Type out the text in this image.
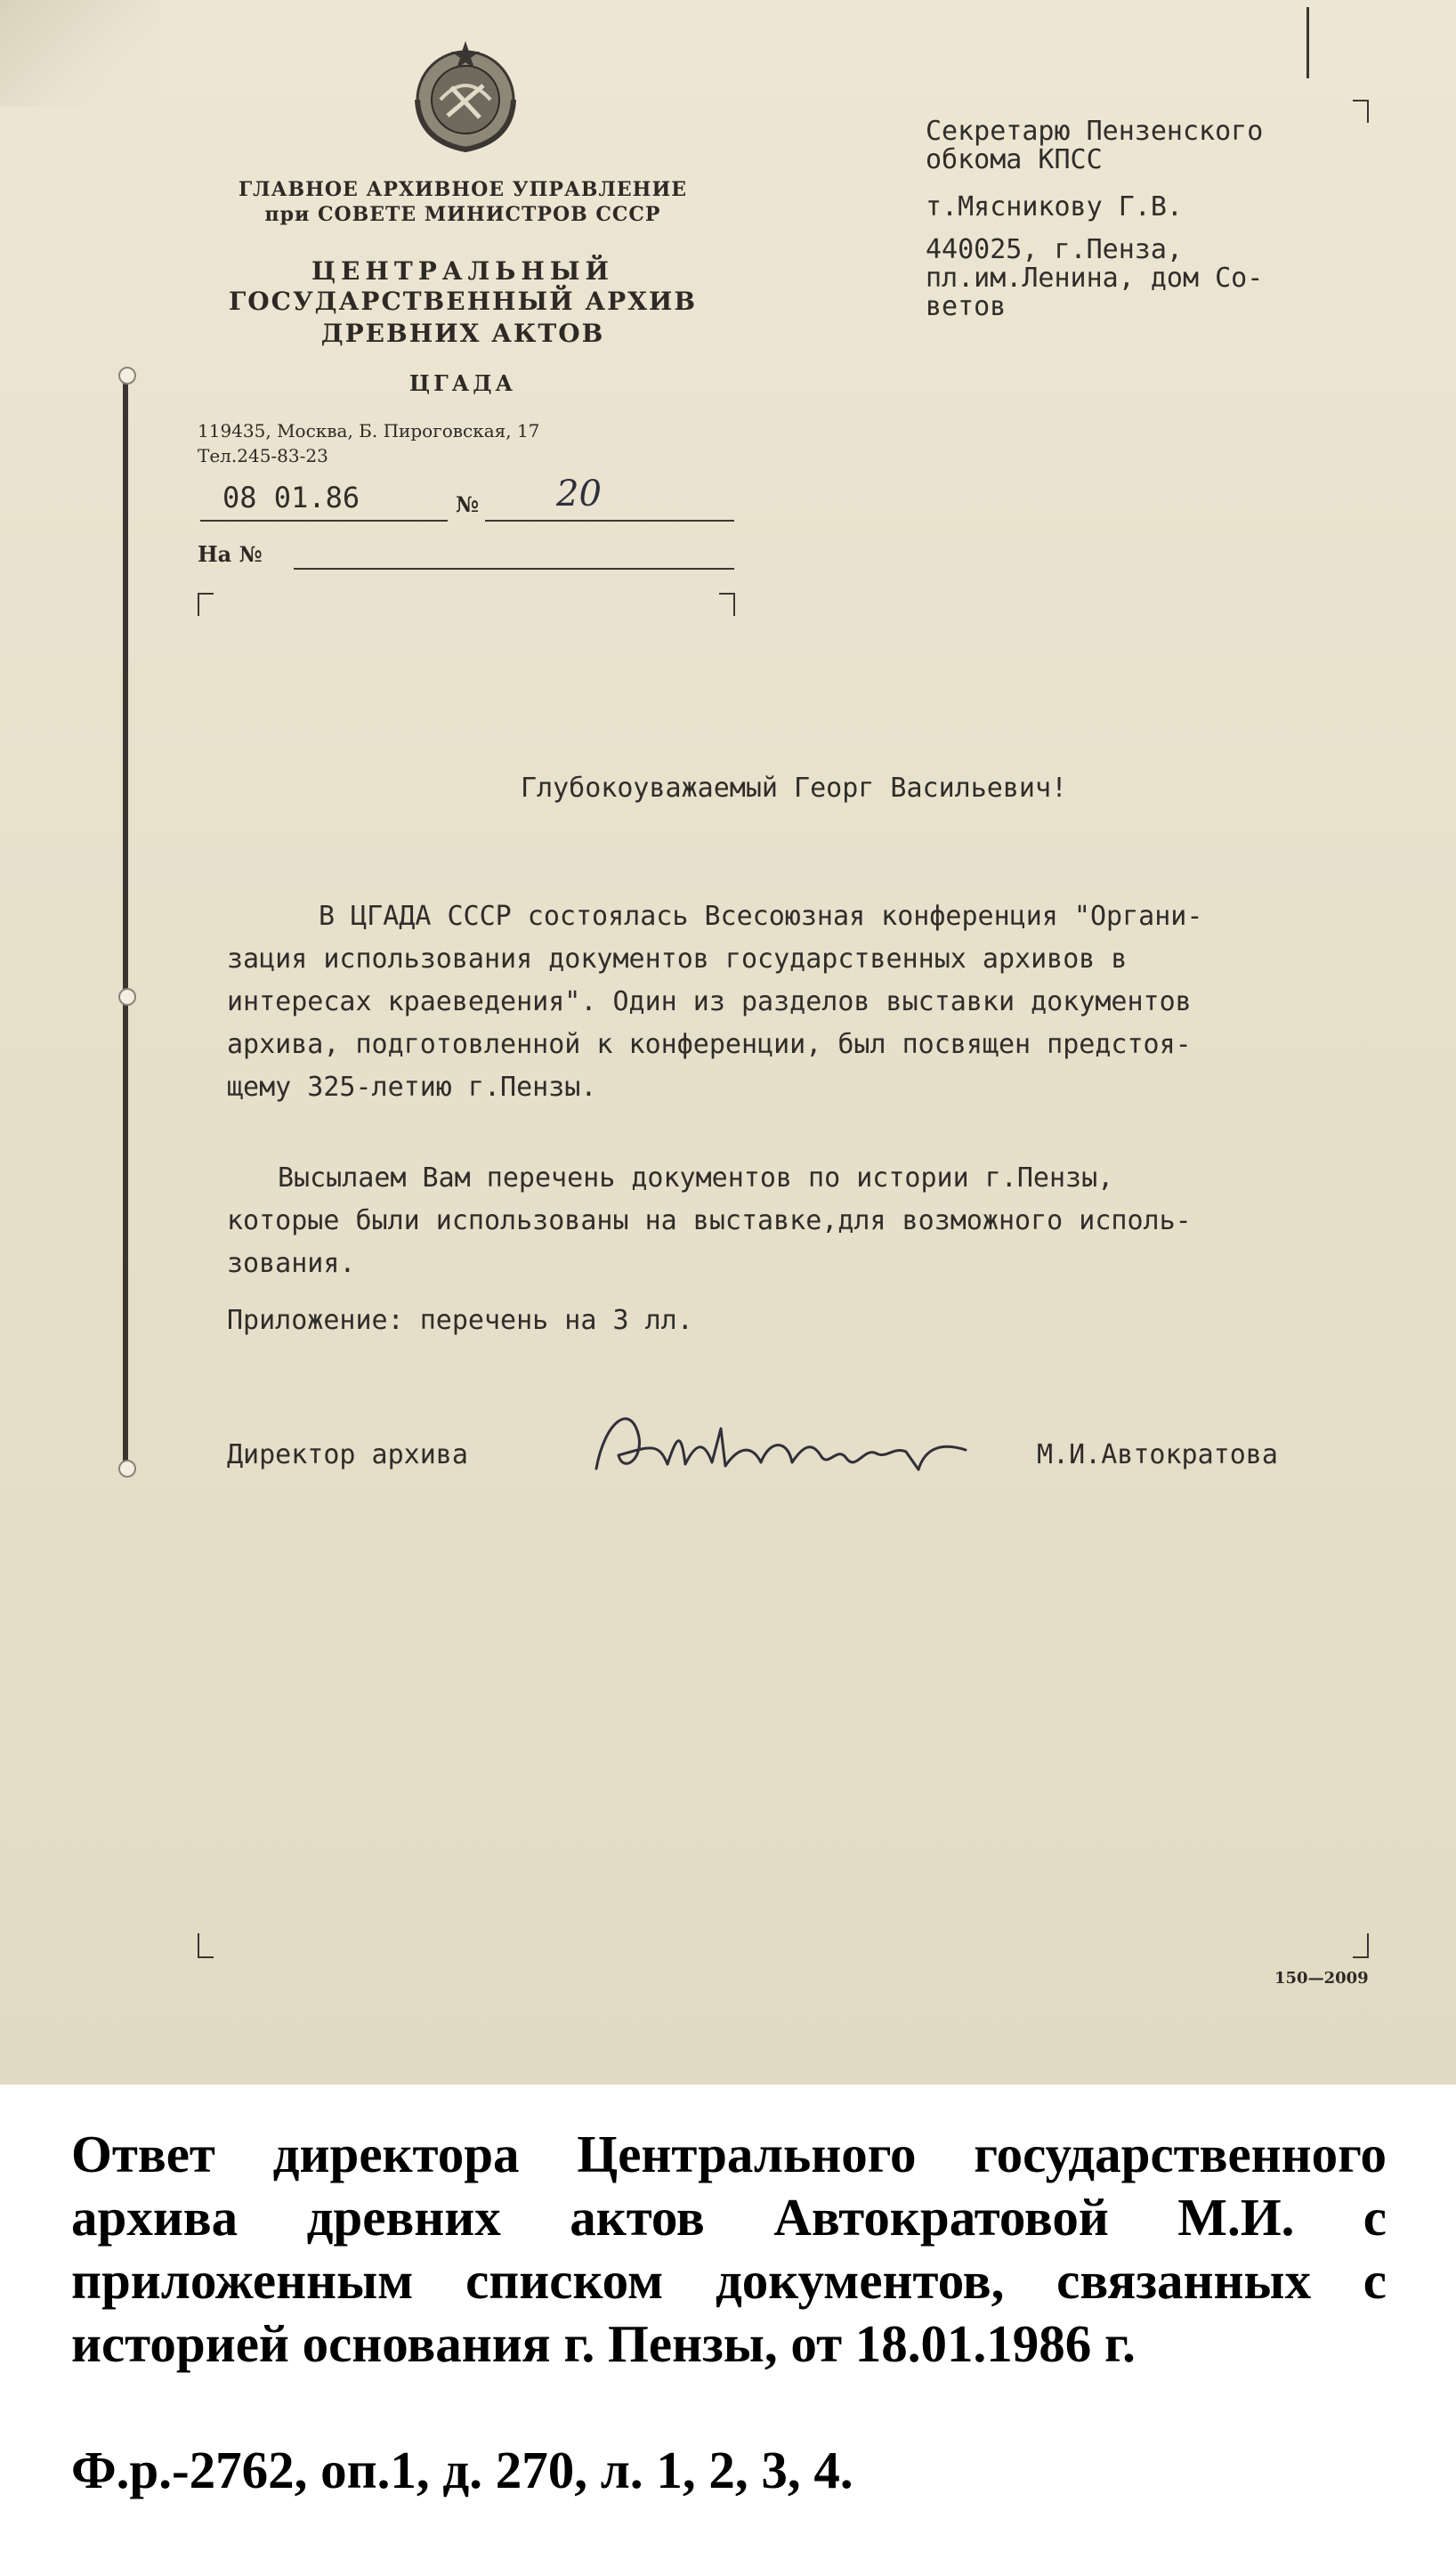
ГЛАВНОЕ АРХИВНОЕ УПРАВЛЕНИЕ
при СОВЕТЕ МИНИСТРОВ СССР
ЦЕНТРАЛЬНЫЙ
ГОСУДАРСТВЕННЫЙ АРХИВ
ДРЕВНИХ АКТОВ
ЦГАДА
119435, Москва, Б. Пироговская, 17
Тел.245-83-23
08 01.86	№ 20
На №
Секретарю Пензенского
обкома КПСС
т.Мясникову Г.В.
440025, г.Пенза,
пл.им.Ленина, дом Со-
ветов
Глубокоуважаемый Георг Васильевич!
В ЦГАДА СССР состоялась Всесоюзная конференция "Органи-
зация использования документов государственных архивов в
интересах краеведения". Один из разделов выставки документов
архива, подготовленной к конференции, был посвящен предстоя-
щему 325-летию г.Пензы.
Высылаем Вам перечень документов по истории г.Пензы,
которые были использованы на выставке,для возможного исполь-
зования.
Приложение: перечень на 3 лл.
Директор архива	М.И.Автократова
150—2009
Ответ директора Центрального государственного архива древних актов Автократовой М.И. с приложенным списком документов, связанных с историей основания г. Пензы, от 18.01.1986 г.
Ф.р.-2762, оп.1, д. 270, л. 1, 2, 3, 4.
